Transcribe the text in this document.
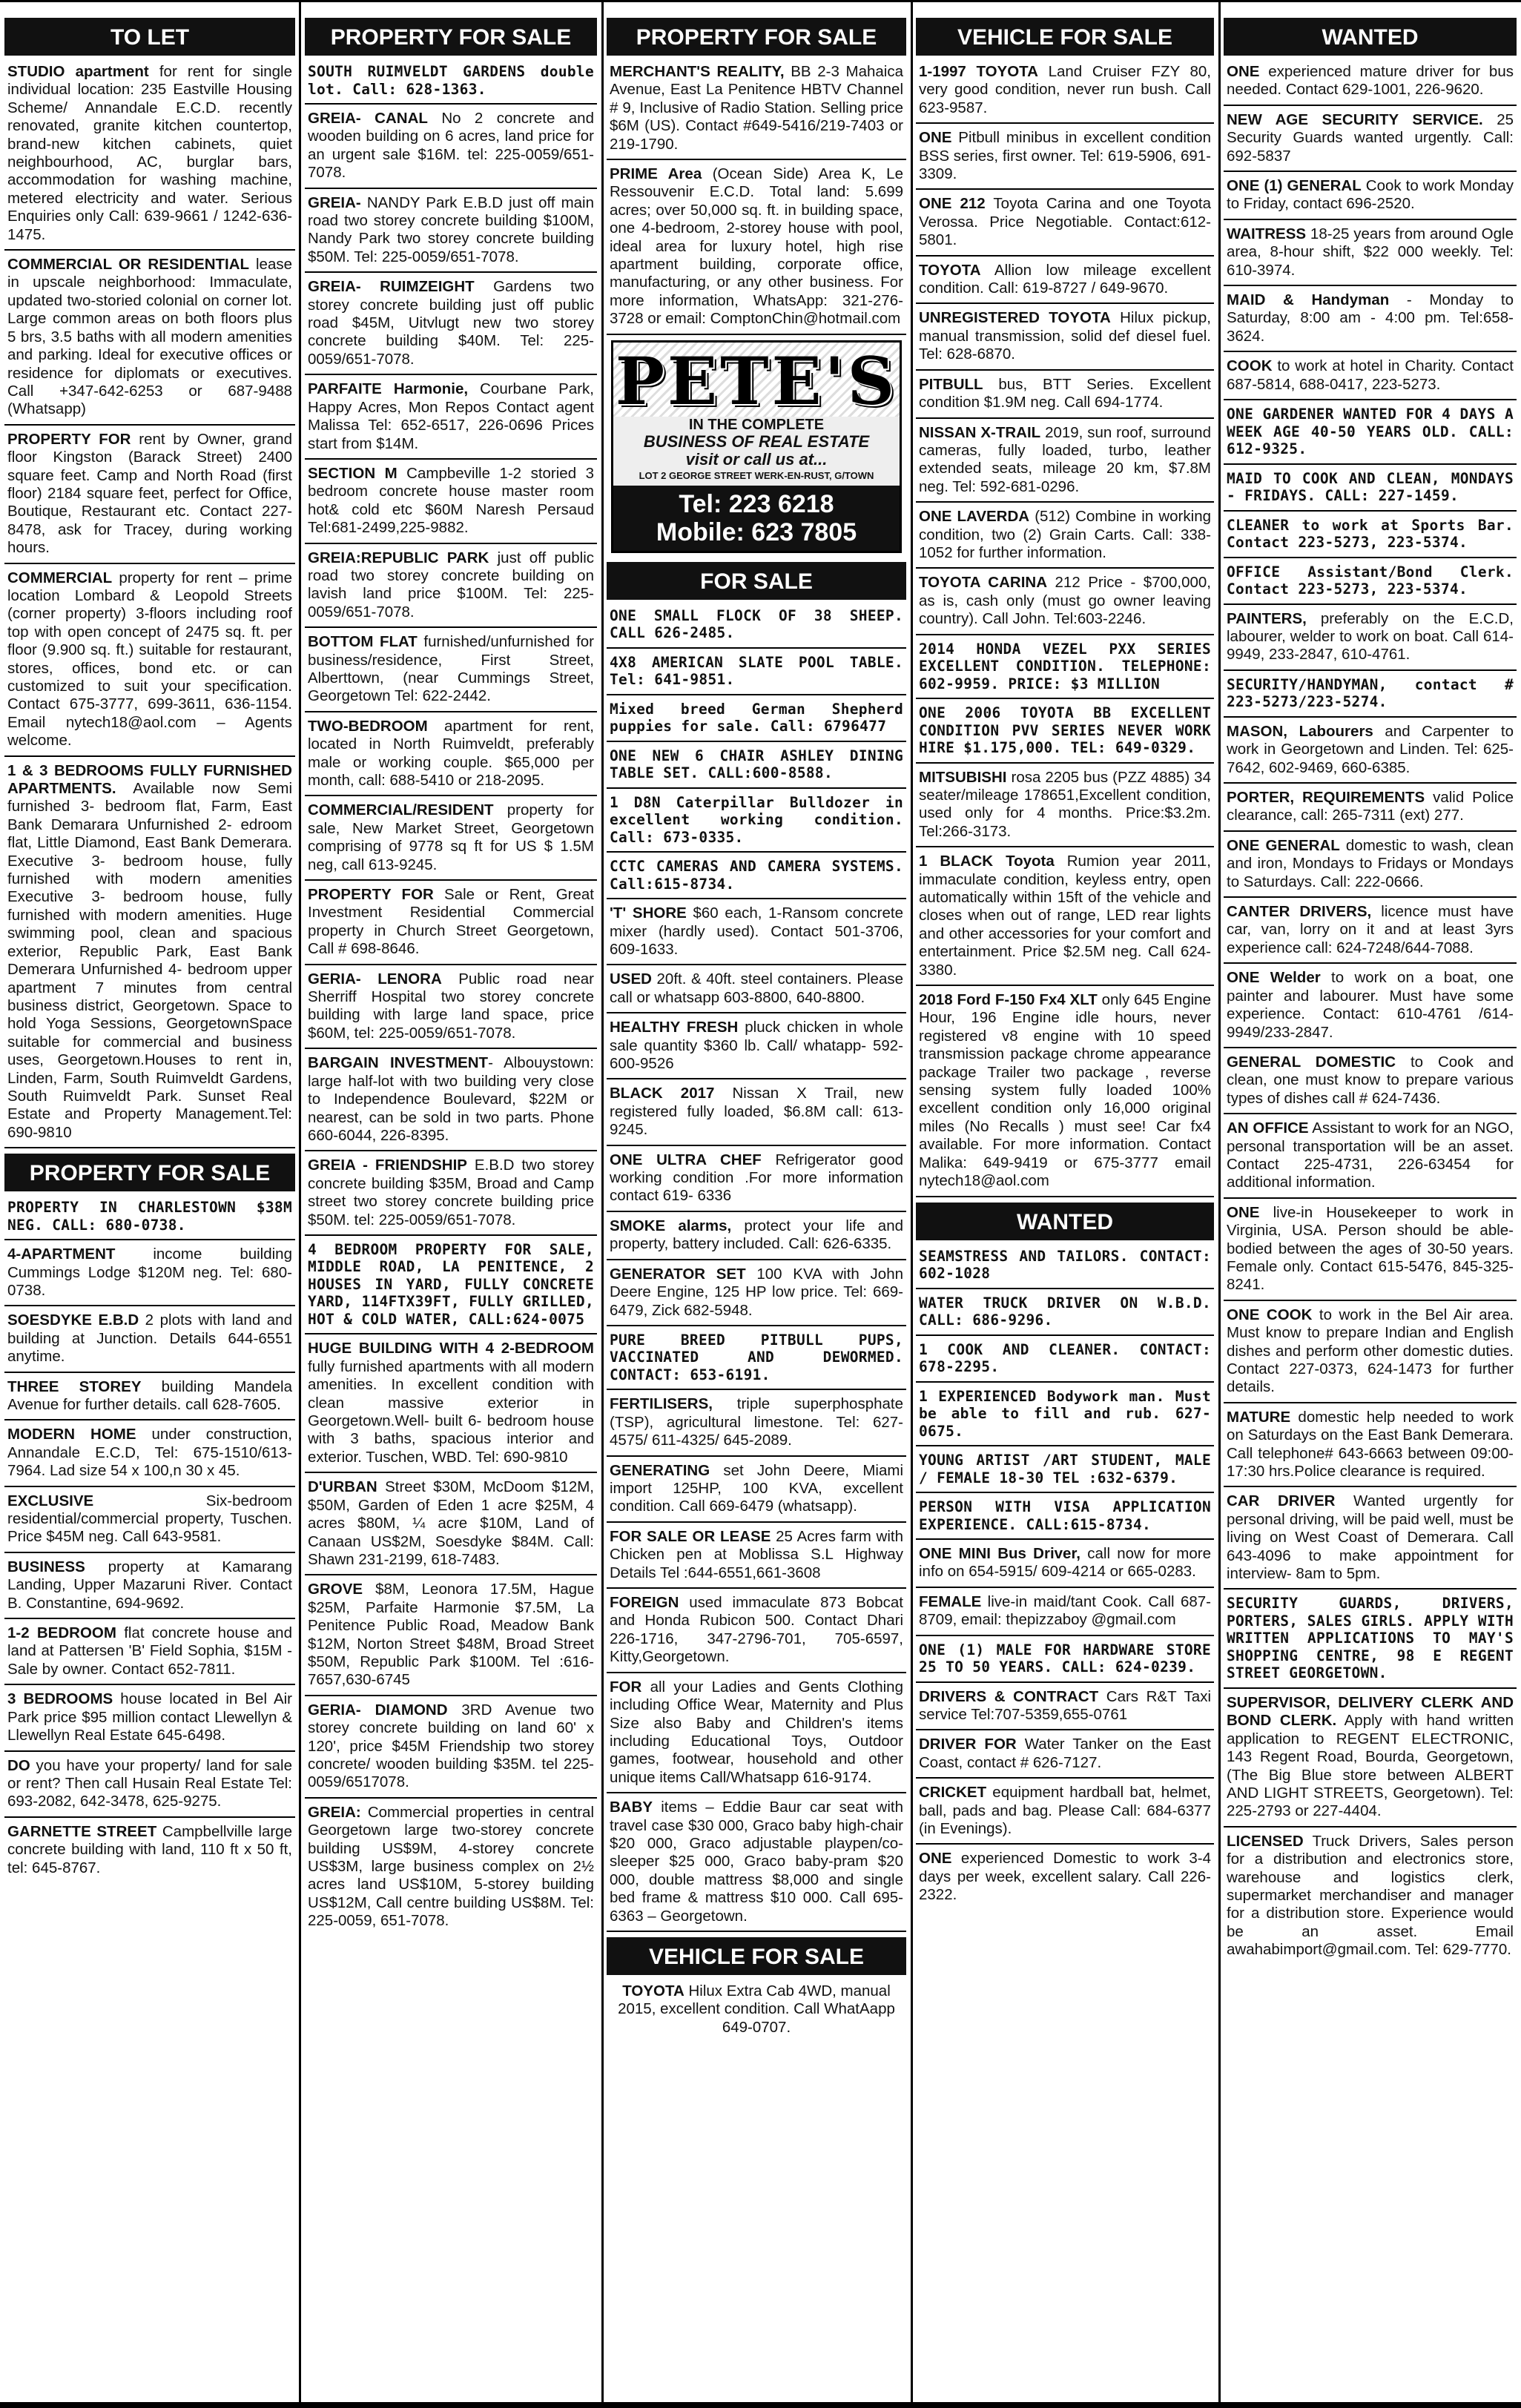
TO LET
STUDIO apartment for rent for single individual location: 235 Eastville Housing Scheme/ Annandale E.C.D. recently renovated, granite kitchen countertop, brand-new kitchen cabinets, quiet neighbourhood, AC, burglar bars, accommodation for washing machine, metered electricity and water. Serious Enquiries only Call: 639-9661 / 1242-636-1475.
COMMERCIAL OR RESIDENTIAL lease in upscale neighborhood: Immaculate, updated two-storied colonial on corner lot. Large common areas on both floors plus 5 brs, 3.5 baths with all modern amenities and parking. Ideal for executive offices or residence for diplomats or executives. Call +347-642-6253 or 687-9488 (Whatsapp)
PROPERTY FOR rent by Owner, grand floor Kingston (Barack Street) 2400 square feet. Camp and North Road (first floor) 2184 square feet, perfect for Office, Boutique, Restaurant etc. Contact 227-8478, ask for Tracey, during working hours.
COMMERCIAL property for rent – prime location Lombard & Leopold Streets (corner property) 3-floors including roof top with open concept of 2475 sq. ft. per floor (9.900 sq. ft.) suitable for restaurant, stores, offices, bond etc. or can customized to suit your specification. Contact 675-3777, 699-3611, 636-1154. Email nytech18@aol.com – Agents welcome.
1 & 3 BEDROOMS FULLY FURNISHED APARTMENTS. Available now Semi furnished 3- bedroom flat, Farm, East Bank Demarara Unfurnished 2- edroom flat, Little Diamond, East Bank Demerara. Executive 3- bedroom house, fully furnished with modern amenities Executive 3- bedroom house, fully furnished with modern amenities. Huge swimming pool, clean and spacious exterior, Republic Park, East Bank Demerara Unfurnished 4- bedroom upper apartment 7 minutes from central business district, Georgetown. Space to hold Yoga Sessions, GeorgetownSpace suitable for commercial and business uses, Georgetown.Houses to rent in, Linden, Farm, South Ruimveldt Gardens, South Ruimveldt Park. Sunset Real Estate and Property Management.Tel: 690-9810
PROPERTY FOR SALE
PROPERTY IN CHARLESTOWN $38M NEG. CALL: 680-0738.
4-APARTMENT income building Cummings Lodge $120M neg. Tel: 680-0738.
SOESDYKE E.B.D 2 plots with land and building at Junction. Details 644-6551 anytime.
THREE STOREY building Mandela Avenue for further details. call 628-7605.
MODERN HOME under construction, Annandale E.C.D, Tel: 675-1510/613-7964. Lad size 54 x 100,n 30 x 45.
EXCLUSIVE Six-bedroom residential/commercial property, Tuschen. Price $45M neg. Call 643-9581.
BUSINESS property at Kamarang Landing, Upper Mazaruni River. Contact B. Constantine, 694-9692.
1-2 BEDROOM flat concrete house and land at Pattersen 'B' Field Sophia, $15M - Sale by owner. Contact 652-7811.
3 BEDROOMS house located in Bel Air Park price $95 million contact Llewellyn & Llewellyn Real Estate 645-6498.
DO you have your property/ land for sale or rent? Then call Husain Real Estate Tel: 693-2082, 642-3478, 625-9275.
GARNETTE STREET Campbellville large concrete building with land, 110 ft x 50 ft, tel: 645-8767.
PROPERTY FOR SALE
SOUTH RUIMVELDT GARDENS double lot. Call: 628-1363.
GREIA- CANAL No 2 concrete and wooden building on 6 acres, land price for an urgent sale $16M. tel: 225-0059/651-7078.
GREIA- NANDY Park E.B.D just off main road two storey concrete building $100M, Nandy Park two storey concrete building $50M. Tel: 225-0059/651-7078.
GREIA- RUIMZEIGHT Gardens two storey concrete building just off public road $45M, Uitvlugt new two storey concrete building $40M. Tel: 225-0059/651-7078.
PARFAITE Harmonie, Courbane Park, Happy Acres, Mon Repos Contact agent Malissa Tel: 652-6517, 226-0696 Prices start from $14M.
SECTION M Campbeville 1-2 storied 3 bedroom concrete house master room hot& cold etc $60M Naresh Persaud Tel:681-2499,225-9882.
GREIA:REPUBLIC PARK just off public road two storey concrete building on lavish land price $100M. Tel: 225-0059/651-7078.
BOTTOM FLAT furnished/unfurnished for business/residence, First Street, Alberttown, (near Cummings Street, Georgetown Tel: 622-2442.
TWO-BEDROOM apartment for rent, located in North Ruimveldt, preferably male or working couple. $65,000 per month, call: 688-5410 or 218-2095.
COMMERCIAL/RESIDENT property for sale, New Market Street, Georgetown comprising of 9778 sq ft for US $ 1.5M neg, call 613-9245.
PROPERTY FOR Sale or Rent, Great Investment Residential Commercial property in Church Street Georgetown, Call # 698-8646.
GERIA- LENORA Public road near Sherriff Hospital two storey concrete building with large land space, price $60M, tel: 225-0059/651-7078.
BARGAIN INVESTMENT- Albouystown: large half-lot with two building very close to Independence Boulevard, $22M or nearest, can be sold in two parts. Phone 660-6044, 226-8395.
GREIA - FRIENDSHIP E.B.D two storey concrete building $35M, Broad and Camp street two storey concrete building price $50M. tel: 225-0059/651-7078.
4 BEDROOM PROPERTY FOR SALE, MIDDLE ROAD, LA PENITENCE, 2 HOUSES IN YARD, FULLY CONCRETE YARD, 114FTX39FT, FULLY GRILLED, HOT & COLD WATER, CALL:624-0075
HUGE BUILDING WITH 4 2-BEDROOM fully furnished apartments with all modern amenities. In excellent condition with clean massive exterior in Georgetown.Well- built 6- bedroom house with 3 baths, spacious interior and exterior. Tuschen, WBD. Tel: 690-9810
D'URBAN Street $30M, McDoom $12M, $50M, Garden of Eden 1 acre $25M, 4 acres $80M, ¼ acre $10M, Land of Canaan US$2M, Soesdyke $84M. Call: Shawn 231-2199, 618-7483.
GROVE $8M, Leonora 17.5M, Hague $25M, Parfaite Harmonie $7.5M, La Penitence Public Road, Meadow Bank $12M, Norton Street $48M, Broad Street $50M, Republic Park $100M. Tel :616-7657,630-6745
GERIA- DIAMOND 3RD Avenue two storey concrete building on land 60' x 120', price $45M Friendship two storey concrete/ wooden building $35M. tel 225-0059/6517078.
GREIA: Commercial properties in central Georgetown large two-storey concrete building US$9M, 4-storey concrete US$3M, large business complex on 2½ acres land US$10M, 5-storey building US$12M, Call centre building US$8M. Tel: 225-0059, 651-7078.
PROPERTY FOR SALE
MERCHANT'S REALITY, BB 2-3 Mahaica Avenue, East La Penitence HBTV Channel # 9, Inclusive of Radio Station. Selling price $6M (US). Contact #649-5416/219-7403 or 219-1790.
PRIME Area (Ocean Side) Area K, Le Ressouvenir E.C.D. Total land: 5.699 acres; over 50,000 sq. ft. in building space, one 4-bedroom, 2-storey house with pool, ideal area for luxury hotel, high rise apartment building, corporate office, manufacturing, or any other business. For more information, WhatsApp: 321-276-3728 or email: ComptonChin@hotmail.com
PETE'S
IN THE COMPLETE
BUSINESS OF REAL ESTATE
visit or call us at...
LOT 2 GEORGE STREET WERK-EN-RUST, G/TOWN
Tel: 223 6218
Mobile: 623 7805
FOR SALE
ONE SMALL FLOCK OF 38 SHEEP. CALL 626-2485.
4X8 AMERICAN SLATE POOL TABLE. Tel: 641-9851.
Mixed breed German Shepherd puppies for sale. Call: 6796477
ONE NEW 6 CHAIR ASHLEY DINING TABLE SET. CALL:600-8588.
1 D8N Caterpillar Bulldozer in excellent working condition. Call: 673-0335.
CCTC CAMERAS AND CAMERA SYSTEMS. Call:615-8734.
'T' SHORE $60 each, 1-Ransom concrete mixer (hardly used). Contact 501-3706, 609-1633.
USED 20ft. & 40ft. steel containers. Please call or whatsapp 603-8800, 640-8800.
HEALTHY FRESH pluck chicken in whole sale quantity $360 lb. Call/ whatapp- 592-600-9526
BLACK 2017 Nissan X Trail, new registered fully loaded, $6.8M call: 613-9245.
ONE ULTRA CHEF Refrigerator good working condition .For more information contact 619- 6336
SMOKE alarms, protect your life and property, battery included. Call: 626-6335.
GENERATOR SET 100 KVA with John Deere Engine, 125 HP low price. Tel: 669-6479, Zick 682-5948.
PURE BREED PITBULL PUPS, VACCINATED AND DEWORMED. CONTACT: 653-6191.
FERTILISERS, triple superphosphate (TSP), agricultural limestone. Tel: 627-4575/ 611-4325/ 645-2089.
GENERATING set John Deere, Miami import 125HP, 100 KVA, excellent condition. Call 669-6479 (whatsapp).
FOR SALE OR LEASE 25 Acres farm with Chicken pen at Moblissa S.L Highway Details Tel :644-6551,661-3608
FOREIGN used immaculate 873 Bobcat and Honda Rubicon 500. Contact Dhari 226-1716, 347-2796-701, 705-6597, Kitty,Georgetown.
FOR all your Ladies and Gents Clothing including Office Wear, Maternity and Plus Size also Baby and Children's items including Educational Toys, Outdoor games, footwear, household and other unique items Call/Whatsapp 616-9174.
BABY items – Eddie Baur car seat with travel case $30 000, Graco baby high-chair $20 000, Graco adjustable playpen/co-sleeper $25 000, Graco baby-pram $20 000, double mattress $8,000 and single bed frame & mattress $10 000. Call 695-6363 – Georgetown.
VEHICLE FOR SALE
TOYOTA Hilux Extra Cab 4WD, manual 2015, excellent condition. Call WhatAapp 649-0707.
VEHICLE FOR SALE
1-1997 TOYOTA Land Cruiser FZY 80, very good condition, never run bush. Call 623-9587.
ONE Pitbull minibus in excellent condition BSS series, first owner. Tel: 619-5906, 691-3309.
ONE 212 Toyota Carina and one Toyota Verossa. Price Negotiable. Contact:612-5801.
TOYOTA Allion low mileage excellent condition. Call: 619-8727 / 649-9670.
UNREGISTERED TOYOTA Hilux pickup, manual transmission, solid def diesel fuel. Tel: 628-6870.
PITBULL bus, BTT Series. Excellent condition $1.9M neg. Call 694-1774.
NISSAN X-TRAIL 2019, sun roof, surround cameras, fully loaded, turbo, leather extended seats, mileage 20 km, $7.8M neg. Tel: 592-681-0296.
ONE LAVERDA (512) Combine in working condition, two (2) Grain Carts. Call: 338-1052 for further information.
TOYOTA CARINA 212 Price - $700,000, as is, cash only (must go owner leaving country). Call John. Tel:603-2246.
2014 HONDA VEZEL PXX SERIES EXCELLENT CONDITION. TELEPHONE: 602-9959. PRICE: $3 MILLION
ONE 2006 TOYOTA BB EXCELLENT CONDITION PVV SERIES NEVER WORK HIRE $1.175,000. TEL: 649-0329.
MITSUBISHI rosa 2205 bus (PZZ 4885) 34 seater/mileage 178651,Excellent condition, used only for 4 months. Price:$3.2m. Tel:266-3173.
1 BLACK Toyota Rumion year 2011, immaculate condition, keyless entry, open automatically within 15ft of the vehicle and closes when out of range, LED rear lights and other accessories for your comfort and entertainment. Price $2.5M neg. Call 624-3380.
2018 Ford F-150 Fx4 XLT only 645 Engine Hour, 196 Engine idle hours, never registered v8 engine with 10 speed transmission package chrome appearance package Trailer two package , reverse sensing system fully loaded 100% excellent condition only 16,000 original miles (No Recalls ) must see! Car fx4 available. For more information. Contact Malika: 649-9419 or 675-3777 email nytech18@aol.com
WANTED
SEAMSTRESS AND TAILORS. CONTACT: 602-1028
WATER TRUCK DRIVER ON W.B.D. CALL: 686-9296.
1 COOK AND CLEANER. CONTACT: 678-2295.
1 EXPERIENCED Bodywork man. Must be able to fill and rub. 627-0675.
YOUNG ARTIST /ART STUDENT, MALE / FEMALE 18-30 TEL :632-6379.
PERSON WITH VISA APPLICATION EXPERIENCE. CALL:615-8734.
ONE MINI Bus Driver, call now for more info on 654-5915/ 609-4214 or 665-0283.
FEMALE live-in maid/tant Cook. Call 687-8709, email: thepizzaboy @gmail.com
ONE (1) MALE FOR HARDWARE STORE 25 TO 50 YEARS. CALL: 624-0239.
DRIVERS & CONTRACT Cars R&T Taxi service Tel:707-5359,655-0761
DRIVER FOR Water Tanker on the East Coast, contact # 626-7127.
CRICKET equipment hardball bat, helmet, ball, pads and bag. Please Call: 684-6377 (in Evenings).
ONE experienced Domestic to work 3-4 days per week, excellent salary. Call 226-2322.
WANTED
ONE experienced mature driver for bus needed. Contact 629-1001, 226-9620.
NEW AGE SECURITY SERVICE. 25 Security Guards wanted urgently. Call: 692-5837
ONE (1) GENERAL Cook to work Monday to Friday, contact 696-2520.
WAITRESS 18-25 years from around Ogle area, 8-hour shift, $22 000 weekly. Tel: 610-3974.
MAID & Handyman - Monday to Saturday, 8:00 am - 4:00 pm. Tel:658-3624.
COOK to work at hotel in Charity. Contact 687-5814, 688-0417, 223-5273.
ONE GARDENER WANTED FOR 4 DAYS A WEEK AGE 40-50 YEARS OLD. CALL: 612-9325.
MAID TO COOK AND CLEAN, MONDAYS - FRIDAYS. CALL: 227-1459.
CLEANER to work at Sports Bar. Contact 223-5273, 223-5374.
OFFICE Assistant/Bond Clerk. Contact 223-5273, 223-5374.
PAINTERS, preferably on the E.C.D, labourer, welder to work on boat. Call 614-9949, 233-2847, 610-4761.
SECURITY/HANDYMAN, contact # 223-5273/223-5274.
MASON, Labourers and Carpenter to work in Georgetown and Linden. Tel: 625-7642, 602-9469, 660-6385.
PORTER, REQUIREMENTS valid Police clearance, call: 265-7311 (ext) 277.
ONE GENERAL domestic to wash, clean and iron, Mondays to Fridays or Mondays to Saturdays. Call: 222-0666.
CANTER DRIVERS, licence must have car, van, lorry on it and at least 3yrs experience call: 624-7248/644-7088.
ONE Welder to work on a boat, one painter and labourer. Must have some experience. Contact: 610-4761 /614-9949/233-2847.
GENERAL DOMESTIC to Cook and clean, one must know to prepare various types of dishes call # 624-7436.
AN OFFICE Assistant to work for an NGO, personal transportation will be an asset. Contact 225-4731, 226-63454 for additional information.
ONE live-in Housekeeper to work in Virginia, USA. Person should be able-bodied between the ages of 30-50 years. Female only. Contact 615-5476, 845-325-8241.
ONE COOK to work in the Bel Air area. Must know to prepare Indian and English dishes and perform other domestic duties. Contact 227-0373, 624-1473 for further details.
MATURE domestic help needed to work on Saturdays on the East Bank Demerara. Call telephone# 643-6663 between 09:00- 17:30 hrs.Police clearance is required.
CAR DRIVER Wanted urgently for personal driving, will be paid well, must be living on West Coast of Demerara. Call 643-4096 to make appointment for interview- 8am to 5pm.
SECURITY GUARDS, DRIVERS, PORTERS, SALES GIRLS. APPLY WITH WRITTEN APPLICATIONS TO MAY'S SHOPPING CENTRE, 98 E REGENT STREET GEORGETOWN.
SUPERVISOR, DELIVERY CLERK AND BOND CLERK. Apply with hand written application to REGENT ELECTRONIC, 143 Regent Road, Bourda, Georgetown, (The Big Blue store between ALBERT AND LIGHT STREETS, Georgetown). Tel: 225-2793 or 227-4404.
LICENSED Truck Drivers, Sales person for a distribution and electronics store, warehouse and logistics clerk, supermarket merchandiser and manager for a distribution store. Experience would be an asset. Email awahabimport@gmail.com. Tel: 629-7770.
